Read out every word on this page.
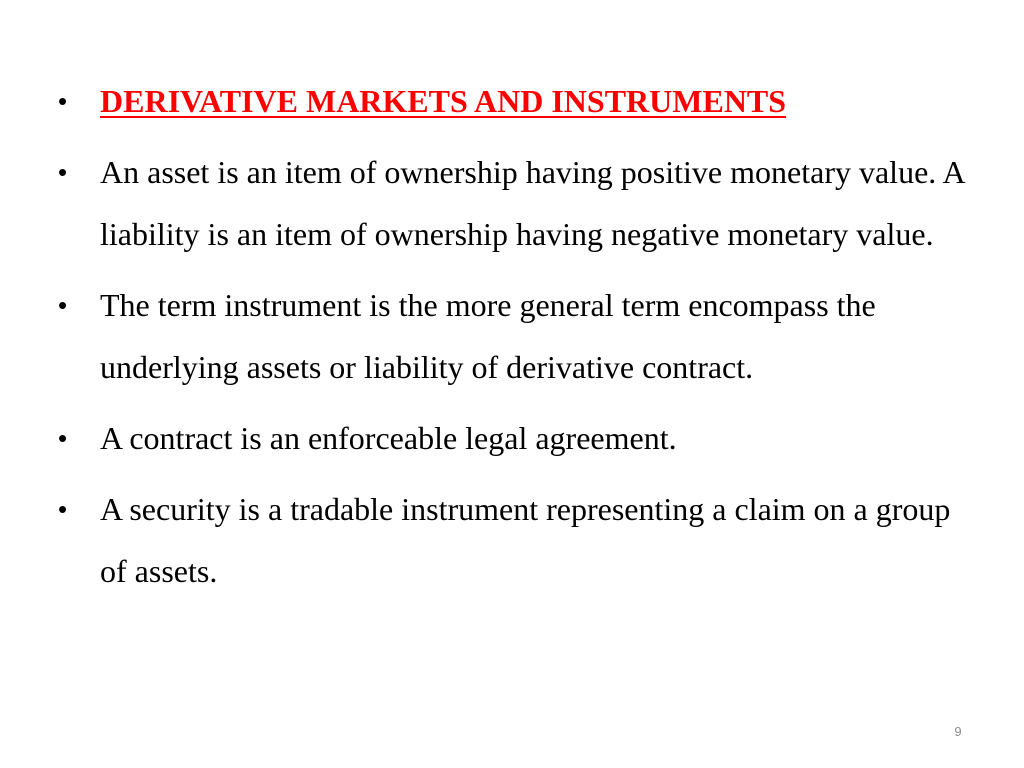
•	DERIVATIVE MARKETS AND INSTRUMENTS
•	An asset is an item of ownership having positive monetary value. A liability is an item of ownership having negative monetary value.
•	The term instrument is the more general term encompass the underlying assets or liability of derivative contract.
•	A contract is an enforceable legal agreement.
•	A security is a tradable instrument representing a claim on a group of assets.
9
